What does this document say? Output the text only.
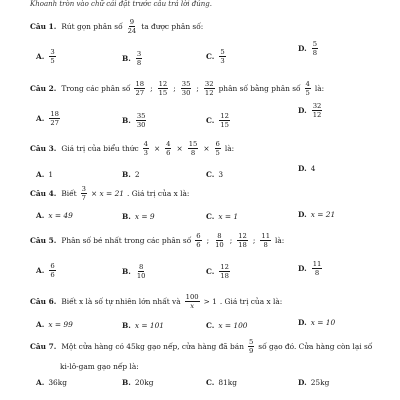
Khoanh tròn vào chữ cái đặt trước câu trả lời đúng.
Câu 1. Rút gọn phân số $\frac{9}{24}$ ta được phân số:
A. $\frac{3}{5}$	B. $\frac{3}{8}$	C. $\frac{5}{3}$	D. $\frac{5}{8}$
Câu 2. Trong các phân số $\frac{18}{27}$ ; $\frac{12}{15}$ ; $\frac{35}{30}$ ; $\frac{32}{12}$ phân số bằng phân số $\frac{4}{5}$ là:
A. $\frac{18}{27}$	B. $\frac{35}{30}$	C. $\frac{12}{15}$
D. $\frac{32}{12}$
Câu 3. Giá trị của biểu thức $\frac{4}{3} \times \frac{4}{6} \times \frac{15}{8} \times \frac{6}{5}$ là:
A. 1	B. 2	C. 3
D. 4
Câu 4. Biết $\frac{3}{7} \times x = 21$ . Giá trị của x là:
A. x = 49	B. x = 9	C. x = 1	D. x = 21
Câu 5. Phân số bé nhất trong các phân số $\frac{6}{6}$ ; $\frac{8}{10}$ ; $\frac{12}{18}$ ; $\frac{11}{8}$ là:
A. $\frac{6}{6}$	B. $\frac{8}{10}$	C. $\frac{12}{18}$	D. $\frac{11}{8}$
Câu 6. Biết x là số tự nhiên lớn nhất và $\frac{100}{x} > 1$ . Giá trị của x là:
A. x = 99	B. x = 101	C. x = 100	D. x = 10
Câu 7. Một cửa hàng có 45kg gạo nếp, cửa hàng đã bán $\frac{5}{9}$ số gạo đó. Cửa hàng còn lại số
ki-lô-gam gạo nếp là:
A. 36kg	B. 20kg	C. 81kg	D. 25kg
